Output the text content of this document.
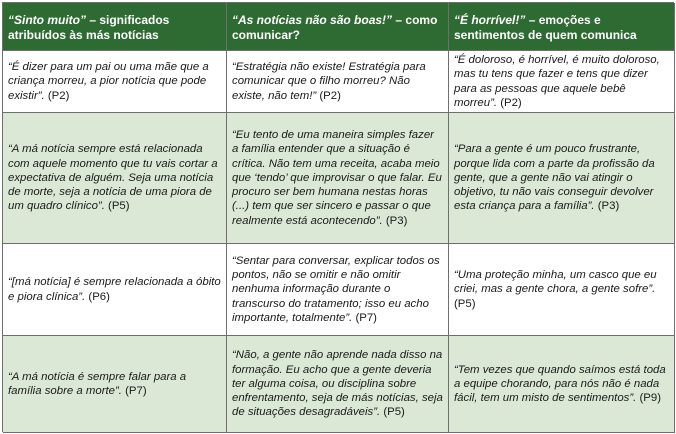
“Sinto muito” – significados atribuídos às más notícias
“As notícias não são boas!” – como comunicar?
“É horrível!” – emoções e sentimentos de quem comunica
“É dizer para um pai ou uma mãe que a criança morreu, a pior notícia que pode existir”. (P2)
“Estratégia não existe! Estratégia para comunicar que o filho morreu? Não existe, não tem!” (P2)
“É doloroso, é horrível, é muito doloroso, mas tu tens que fazer e tens que dizer para as pessoas que aquele bebê morreu”. (P2)
“A má notícia sempre está relacionada com aquele momento que tu vais cortar a expectativa de alguém. Seja uma notícia de morte, seja a notícia de uma piora de um quadro clínico”. (P5)
“Eu tento de uma maneira simples fazer a família entender que a situação é crítica. Não tem uma receita, acaba meio que ‘tendo’ que improvisar o que falar. Eu procuro ser bem humana nestas horas (...) tem que ser sincero e passar o que realmente está acontecendo”. (P3)
“Para a gente é um pouco frustrante, porque lida com a parte da profissão da gente, que a gente não vai atingir o objetivo, tu não vais conseguir devolver esta criança para a família”. (P3)
“[má notícia] é sempre relacionada a óbito e piora clínica”. (P6)
“Sentar para conversar, explicar todos os pontos, não se omitir e não omitir nenhuma informação durante o transcurso do tratamento; isso eu acho importante, totalmente”. (P7)
“Uma proteção minha, um casco que eu criei, mas a gente chora, a gente sofre”. (P5)
“A má notícia é sempre falar para a família sobre a morte”. (P7)
“Não, a gente não aprende nada disso na formação. Eu acho que a gente deveria ter alguma coisa, ou disciplina sobre enfrentamento, seja de más notícias, seja de situações desagradáveis”. (P5)
“Tem vezes que quando saímos está toda a equipe chorando, para nós não é nada fácil, tem um misto de sentimentos”. (P9)
